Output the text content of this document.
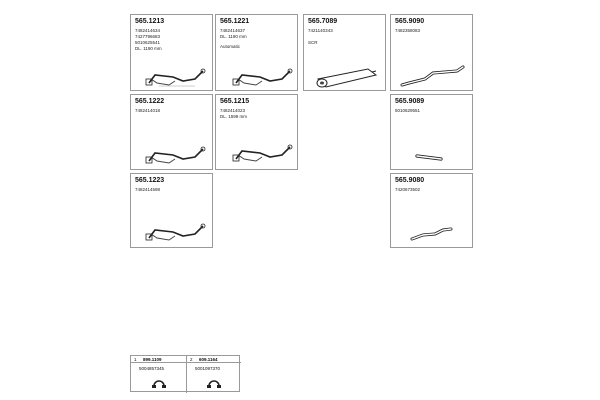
565.1213
7482414634
7427796683
5010625541
DL. 1190 mm
565.1221
7482414637
DL. 1190 mm
Automatic
565.7089
7421140343
SCR
565.9090
7482358083
565.1222
7482414018
565.1215
7482414023
DL. 1599 mm
565.9089
5010629551
565.1223
7482414598
565.9080
7420673502
1 899.1109
5004857345
2 609.1164
5001097370
